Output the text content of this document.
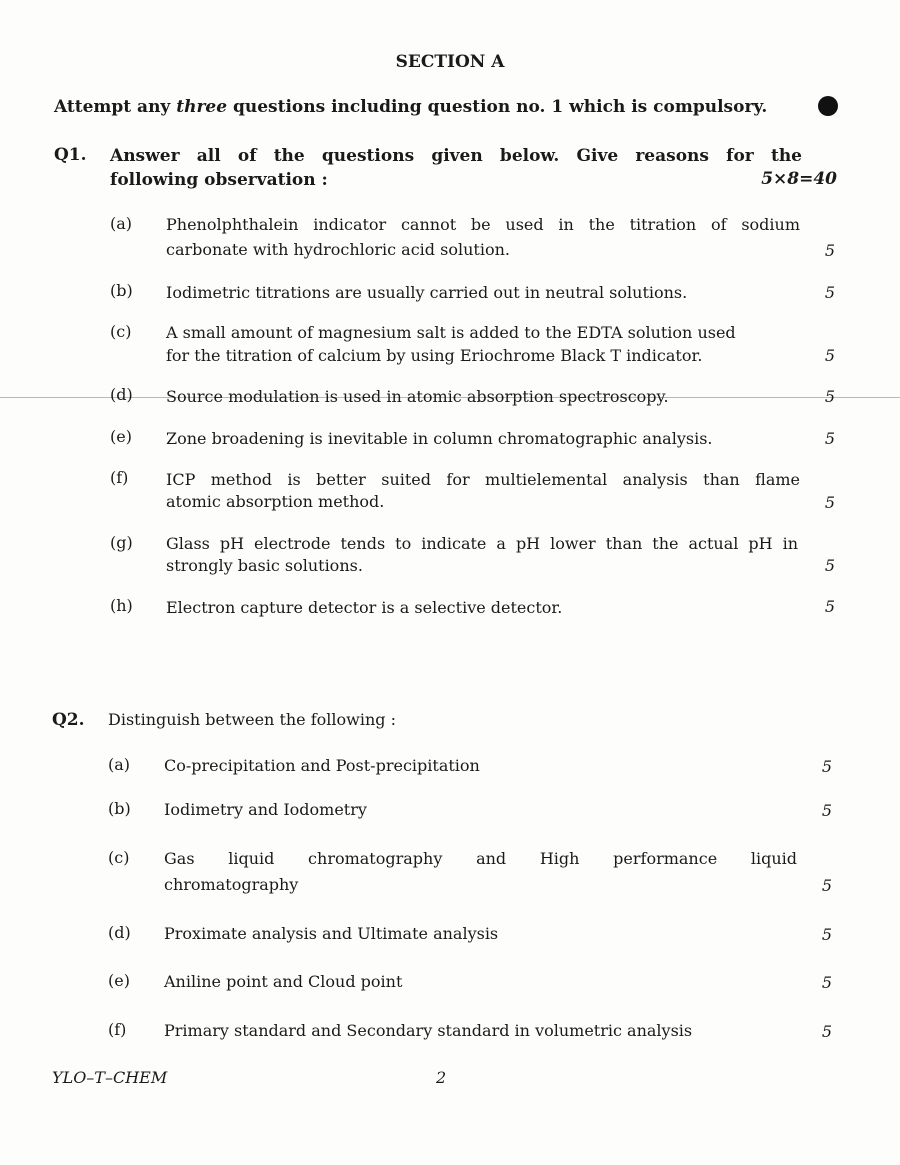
SECTION A
Attempt any three questions including question no. 1 which is compulsory.
Q1. Answer all of the questions given below. Give reasons for the
following observation :	5×8=40
(a) Phenolphthalein indicator cannot be used in the titration of sodium
carbonate with hydrochloric acid solution.	5
(b) Iodimetric titrations are usually carried out in neutral solutions.	5
(c) A small amount of magnesium salt is added to the EDTA solution used
for the titration of calcium by using Eriochrome Black T indicator.	5
(d) Source modulation is used in atomic absorption spectroscopy.	5
(e) Zone broadening is inevitable in column chromatographic analysis.	5
(f) ICP method is better suited for multielemental analysis than flame
atomic absorption method.	5
(g) Glass pH electrode tends to indicate a pH lower than the actual pH in
strongly basic solutions.	5
(h) Electron capture detector is a selective detector.	5
Q2. Distinguish between the following :
(a) Co-precipitation and Post-precipitation	5
(b) Iodimetry and Iodometry	5
(c) Gas liquid chromatography and High performance liquid
chromatography	5
(d) Proximate analysis and Ultimate analysis	5
(e) Aniline point and Cloud point	5
(f) Primary standard and Secondary standard in volumetric analysis	5
YLO–T–CHEM	2
